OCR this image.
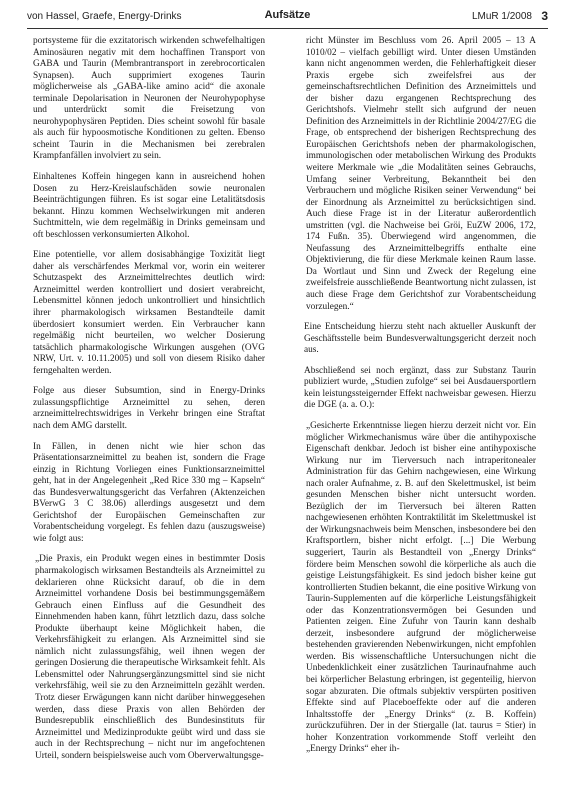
von Hassel, Graefe, Energy-Drinks	Aufsätze	LMuR 1/2008 3

portsysteme für die exzitatorisch wirkenden schwefelhaltigen Aminosäuren negativ mit dem hochaffinen Transport von GABA und Taurin (Membrantransport in zerebrocorticalen Synapsen). Auch supprimiert exogenes Taurin möglicherweise als „GABA-like amino acid“ die axonale terminale Depolarisation in Neuronen der Neurohypophyse und unterdrückt somit die Freisetzung von neurohypophysären Peptiden. Dies scheint sowohl für basale als auch für hypoosmotische Konditionen zu gelten. Ebenso scheint Taurin in die Mechanismen bei zerebralen Krampfanfällen involviert zu sein.

Einhaltenes Koffein hingegen kann in ausreichend hohen Dosen zu Herz-Kreislaufschäden sowie neuronalen Beeinträchtigungen führen. Es ist sogar eine Letalitätsdosis bekannt. Hinzu kommen Wechselwirkungen mit anderen Suchtmitteln, wie dem regelmäßig in Drinks gemeinsam und oft beschlossen verkonsumierten Alkohol.

Eine potentielle, vor allem dosisabhängige Toxizität liegt daher als verschärfendes Merkmal vor, worin ein weiterer Schutzaspekt des Arzneimittelrechtes deutlich wird: Arzneimittel werden kontrolliert und dosiert verabreicht, Lebensmittel können jedoch unkontrolliert und hinsichtlich ihrer pharmakologisch wirksamen Bestandteile damit überdosiert konsumiert werden. Ein Verbraucher kann regelmäßig nicht beurteilen, wo welcher Dosierung tatsächlich pharmakologische Wirkungen ausgehen (OVG NRW, Urt. v. 10.11.2005) und soll von diesem Risiko daher ferngehalten werden.

Folge aus dieser Subsumtion, sind in Energy-Drinks zulassungspflichtige Arzneimittel zu sehen, deren arzneimittelrechtswidriges in Verkehr bringen eine Straftat nach dem AMG darstellt.

In Fällen, in denen nicht wie hier schon das Präsentationsarzneimittel zu beahen ist, sondern die Frage einzig in Richtung Vorliegen eines Funktionsarzneimittel geht, hat in der Angelegenheit „Red Rice 330 mg – Kapseln“ das Bundesverwaltungsgericht das Verfahren (Aktenzeichen BVerwG 3 C 38.06) allerdings ausgesetzt und dem Gerichtshof der Europäischen Gemeinschaften zur Vorabentscheidung vorgelegt. Es fehlen dazu (auszugsweise) wie folgt aus:

„Die Praxis, ein Produkt wegen eines in bestimmter Dosis pharmakologisch wirksamen Bestandteils als Arzneimittel zu deklarieren ohne Rücksicht darauf, ob die in dem Arzneimittel vorhandene Dosis bei bestimmungsgemäßem Gebrauch einen Einfluss auf die Gesundheit des Einnehmenden haben kann, führt letztlich dazu, dass solche Produkte überhaupt keine Möglichkeit haben, die Verkehrsfähigkeit zu erlangen. Als Arzneimittel sind sie nämlich nicht zulassungsfähig, weil ihnen wegen der geringen Dosierung die therapeutische Wirksamkeit fehlt. Als Lebensmittel oder Nahrungsergänzungsmittel sind sie nicht verkehrsfähig, weil sie zu den Arzneimitteln gezählt werden. Trotz dieser Erwägungen kann nicht darüber hinweggesehen werden, dass diese Praxis von allen Behörden der Bundesrepublik einschließlich des Bundesinstituts für Arzneimittel und Medizinprodukte geübt wird und dass sie auch in der Rechtsprechung – nicht nur im angefochtenen Urteil, sondern beispielsweise auch vom Oberverwaltungsge-

richt Münster im Beschluss vom 26. April 2005 – 13 A 1010/02 – vielfach gebilligt wird. Unter diesen Umständen kann nicht angenommen werden, die Fehlerhaftigkeit dieser Praxis ergebe sich zweifelsfrei aus der gemeinschaftsrechtlichen Definition des Arzneimittels und der bisher dazu ergangenen Rechtsprechung des Gerichtshofs. Vielmehr stellt sich aufgrund der neuen Definition des Arzneimittels in der Richtlinie 2004/27/EG die Frage, ob entsprechend der bisherigen Rechtsprechung des Europäischen Gerichtshofs neben der pharmakologischen, immunologischen oder metabolischen Wirkung des Produkts weitere Merkmale wie „die Modalitäten seines Gebrauchs, Umfang seiner Verbreitung, Bekanntheit bei den Verbrauchern und mögliche Risiken seiner Verwendung“ bei der Einordnung als Arzneimittel zu berücksichtigen sind. Auch diese Frage ist in der Literatur außerordentlich umstritten (vgl. die Nachweise bei Gröi, EuZW 2006, 172, 174 Fußn. 35). Überwiegend wird angenommen, die Neufassung des Arzneimittelbegriffs enthalte eine Objektivierung, die für diese Merkmale keinen Raum lasse. Da Wortlaut und Sinn und Zweck der Regelung eine zweifelsfreie ausschließende Beantwortung nicht zulassen, ist auch diese Frage dem Gerichtshof zur Vorabentscheidung vorzulegen.“

Eine Entscheidung hierzu steht nach aktueller Auskunft der Geschäftsstelle beim Bundesverwaltungsgericht derzeit noch aus.

Abschließend sei noch ergänzt, dass zur Substanz Taurin publiziert wurde, „Studien zufolge“ sei bei Ausdauersportlern kein leistungssteigernder Effekt nachweisbar gewesen. Hierzu die DGE (a. a. O.):

„Gesicherte Erkenntnisse liegen hierzu derzeit nicht vor. Ein möglicher Wirkmechanismus wäre über die antihypoxische Eigenschaft denkbar. Jedoch ist bisher eine antihypoxische Wirkung nur im Tierversuch nach intraperitonealer Administration für das Gehirn nachgewiesen, eine Wirkung nach oraler Aufnahme, z. B. auf den Skelettmuskel, ist beim gesunden Menschen bisher nicht untersucht worden. Bezüglich der im Tierversuch bei älteren Ratten nachgewiesenen erhöhten Kontraktilität im Skelettmuskel ist der Wirkungsnachweis beim Menschen, insbesondere bei den Kraftsportlern, bisher nicht erfolgt. [...] Die Werbung suggeriert, Taurin als Bestandteil von „Energy Drinks“ fördere beim Menschen sowohl die körperliche als auch die geistige Leistungsfähigkeit. Es sind jedoch bisher keine gut kontrollierten Studien bekannt, die eine positive Wirkung von Taurin-Supplementen auf die körperliche Leistungsfähigkeit oder das Konzentrationsvermögen bei Gesunden und Patienten zeigen. Eine Zufuhr von Taurin kann deshalb derzeit, insbesondere aufgrund der möglicherweise bestehenden gravierenden Nebenwirkungen, nicht empfohlen werden. Bis wissenschaftliche Untersuchungen nicht die Unbedenklichkeit einer zusätzlichen Taurinaufnahme auch bei körperlicher Belastung erbringen, ist gegenteilig, hiervon sogar abzuraten. Die oftmals subjektiv verspürten positiven Effekte sind auf Placeboeffekte oder auf die anderen Inhaltsstoffe der „Energy Drinks“ (z. B. Koffein) zurückzuführen. Der in der Stiergalle (lat. taurus = Stier) in hoher Konzentration vorkommende Stoff verleiht den „Energy Drinks“ eher ih-
